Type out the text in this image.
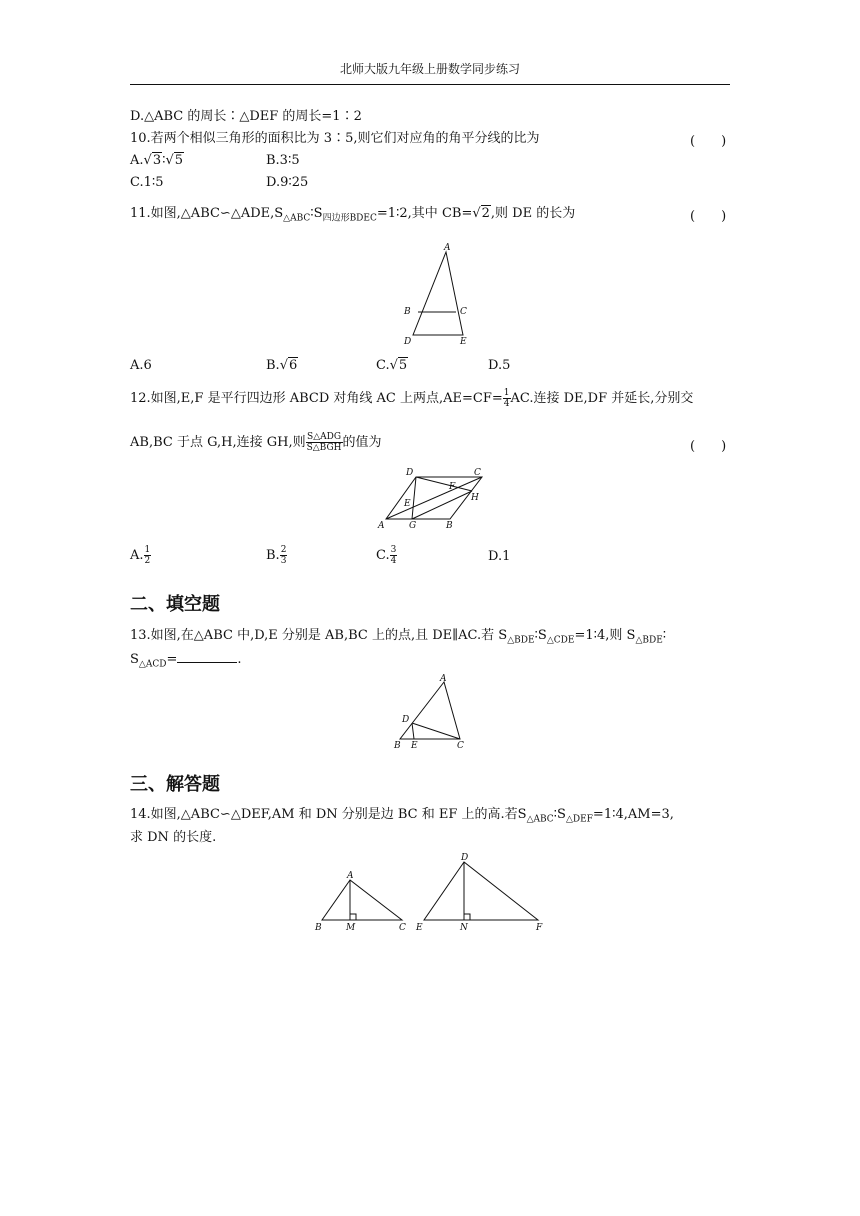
北师大版九年级上册数学同步练习
D.△ABC 的周长∶△DEF 的周长=1∶2
10.若两个相似三角形的面积比为 3∶5,则它们对应角的角平分线的比为	(　　)
A.√3∶√5	B.3∶5
C.1∶5	D.9∶25
11.如图$,\triangle ABC∽\triangle ADE,S_{\triangle ABC}∶S_{四边形BDEC}=1∶2$,其中 CB=√2,则 DE 的长为	(　　)
A
B	C
D	E
A.6	B.√6	C.√5	D.5
12.如图,E,F 是平行四边形 ABCD 对角线 AC 上两点$,AE=CF= \frac{1}{4}$ AC.连接 DE,DF 并延长,分别交
AB,BC 于点 G,H,连接 GH,则 $\frac{\text{S△ADG}}{\text{S△BGH}}$ 的值为	(　　)
D	C
E
F
H
A	G	B
A. $\frac{1}{2}$	B. $\frac{2}{3}$	C. $\frac{3}{4}$	D.1
二、填空题
13.如图,在△ABC 中,D,E 分别是 AB,BC 上的点,且 DE∥AC.若 $S_{\triangle BDE}∶S_{\triangle CDE}=1∶4$,则 $S_{\triangle BDE}∶$
$S_{\triangle ACD}=$	.
A
D
B E	C
三、解答题
14.如图,△ABC∽△DEF,AM 和 DN 分别是边 BC 和 EF 上的高.若$S_{\triangle ABC}∶S_{\triangle DEF}=1∶4,AM=3$,
求 DN 的长度.
A
B	M	C
D
E	N	F
